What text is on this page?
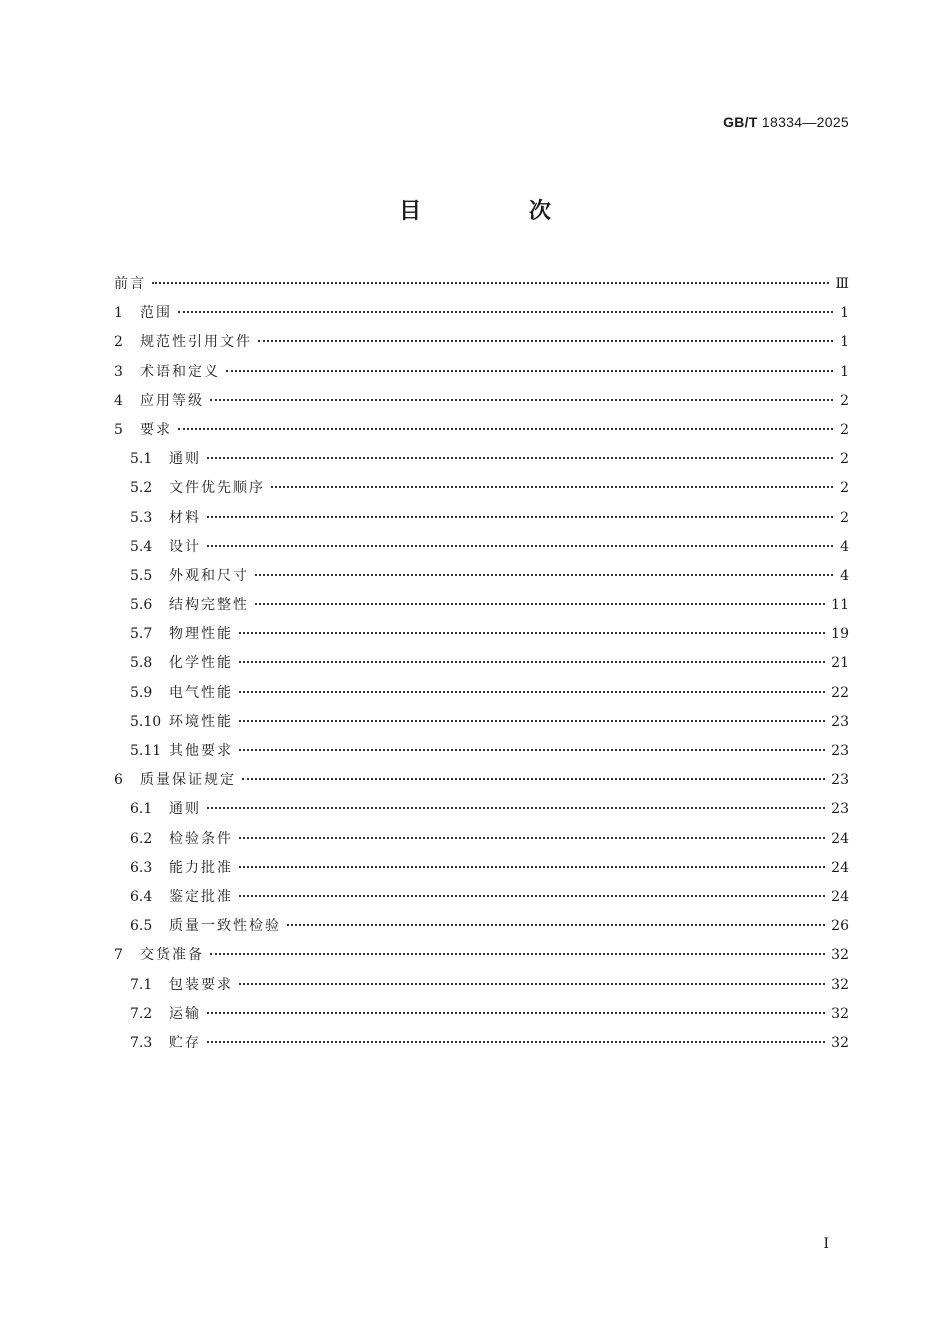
GB/T 18334—2025
目 次
前言	Ⅲ
1	范围	1
2	规范性引用文件	1
3	术语和定义	1
4	应用等级	2
5	要求	2
5.1	通则	2
5.2	文件优先顺序	2
5.3	材料	2
5.4	设计	4
5.5	外观和尺寸	4
5.6	结构完整性	11
5.7	物理性能	19
5.8	化学性能	21
5.9	电气性能	22
5.10 环境性能	23
5.11 其他要求	23
6	质量保证规定	23
6.1	通则	23
6.2	检验条件	24
6.3	能力批准	24
6.4	鉴定批准	24
6.5	质量一致性检验	26
7	交货准备	32
7.1	包装要求	32
7.2	运输	32
7.3	贮存	32
I
